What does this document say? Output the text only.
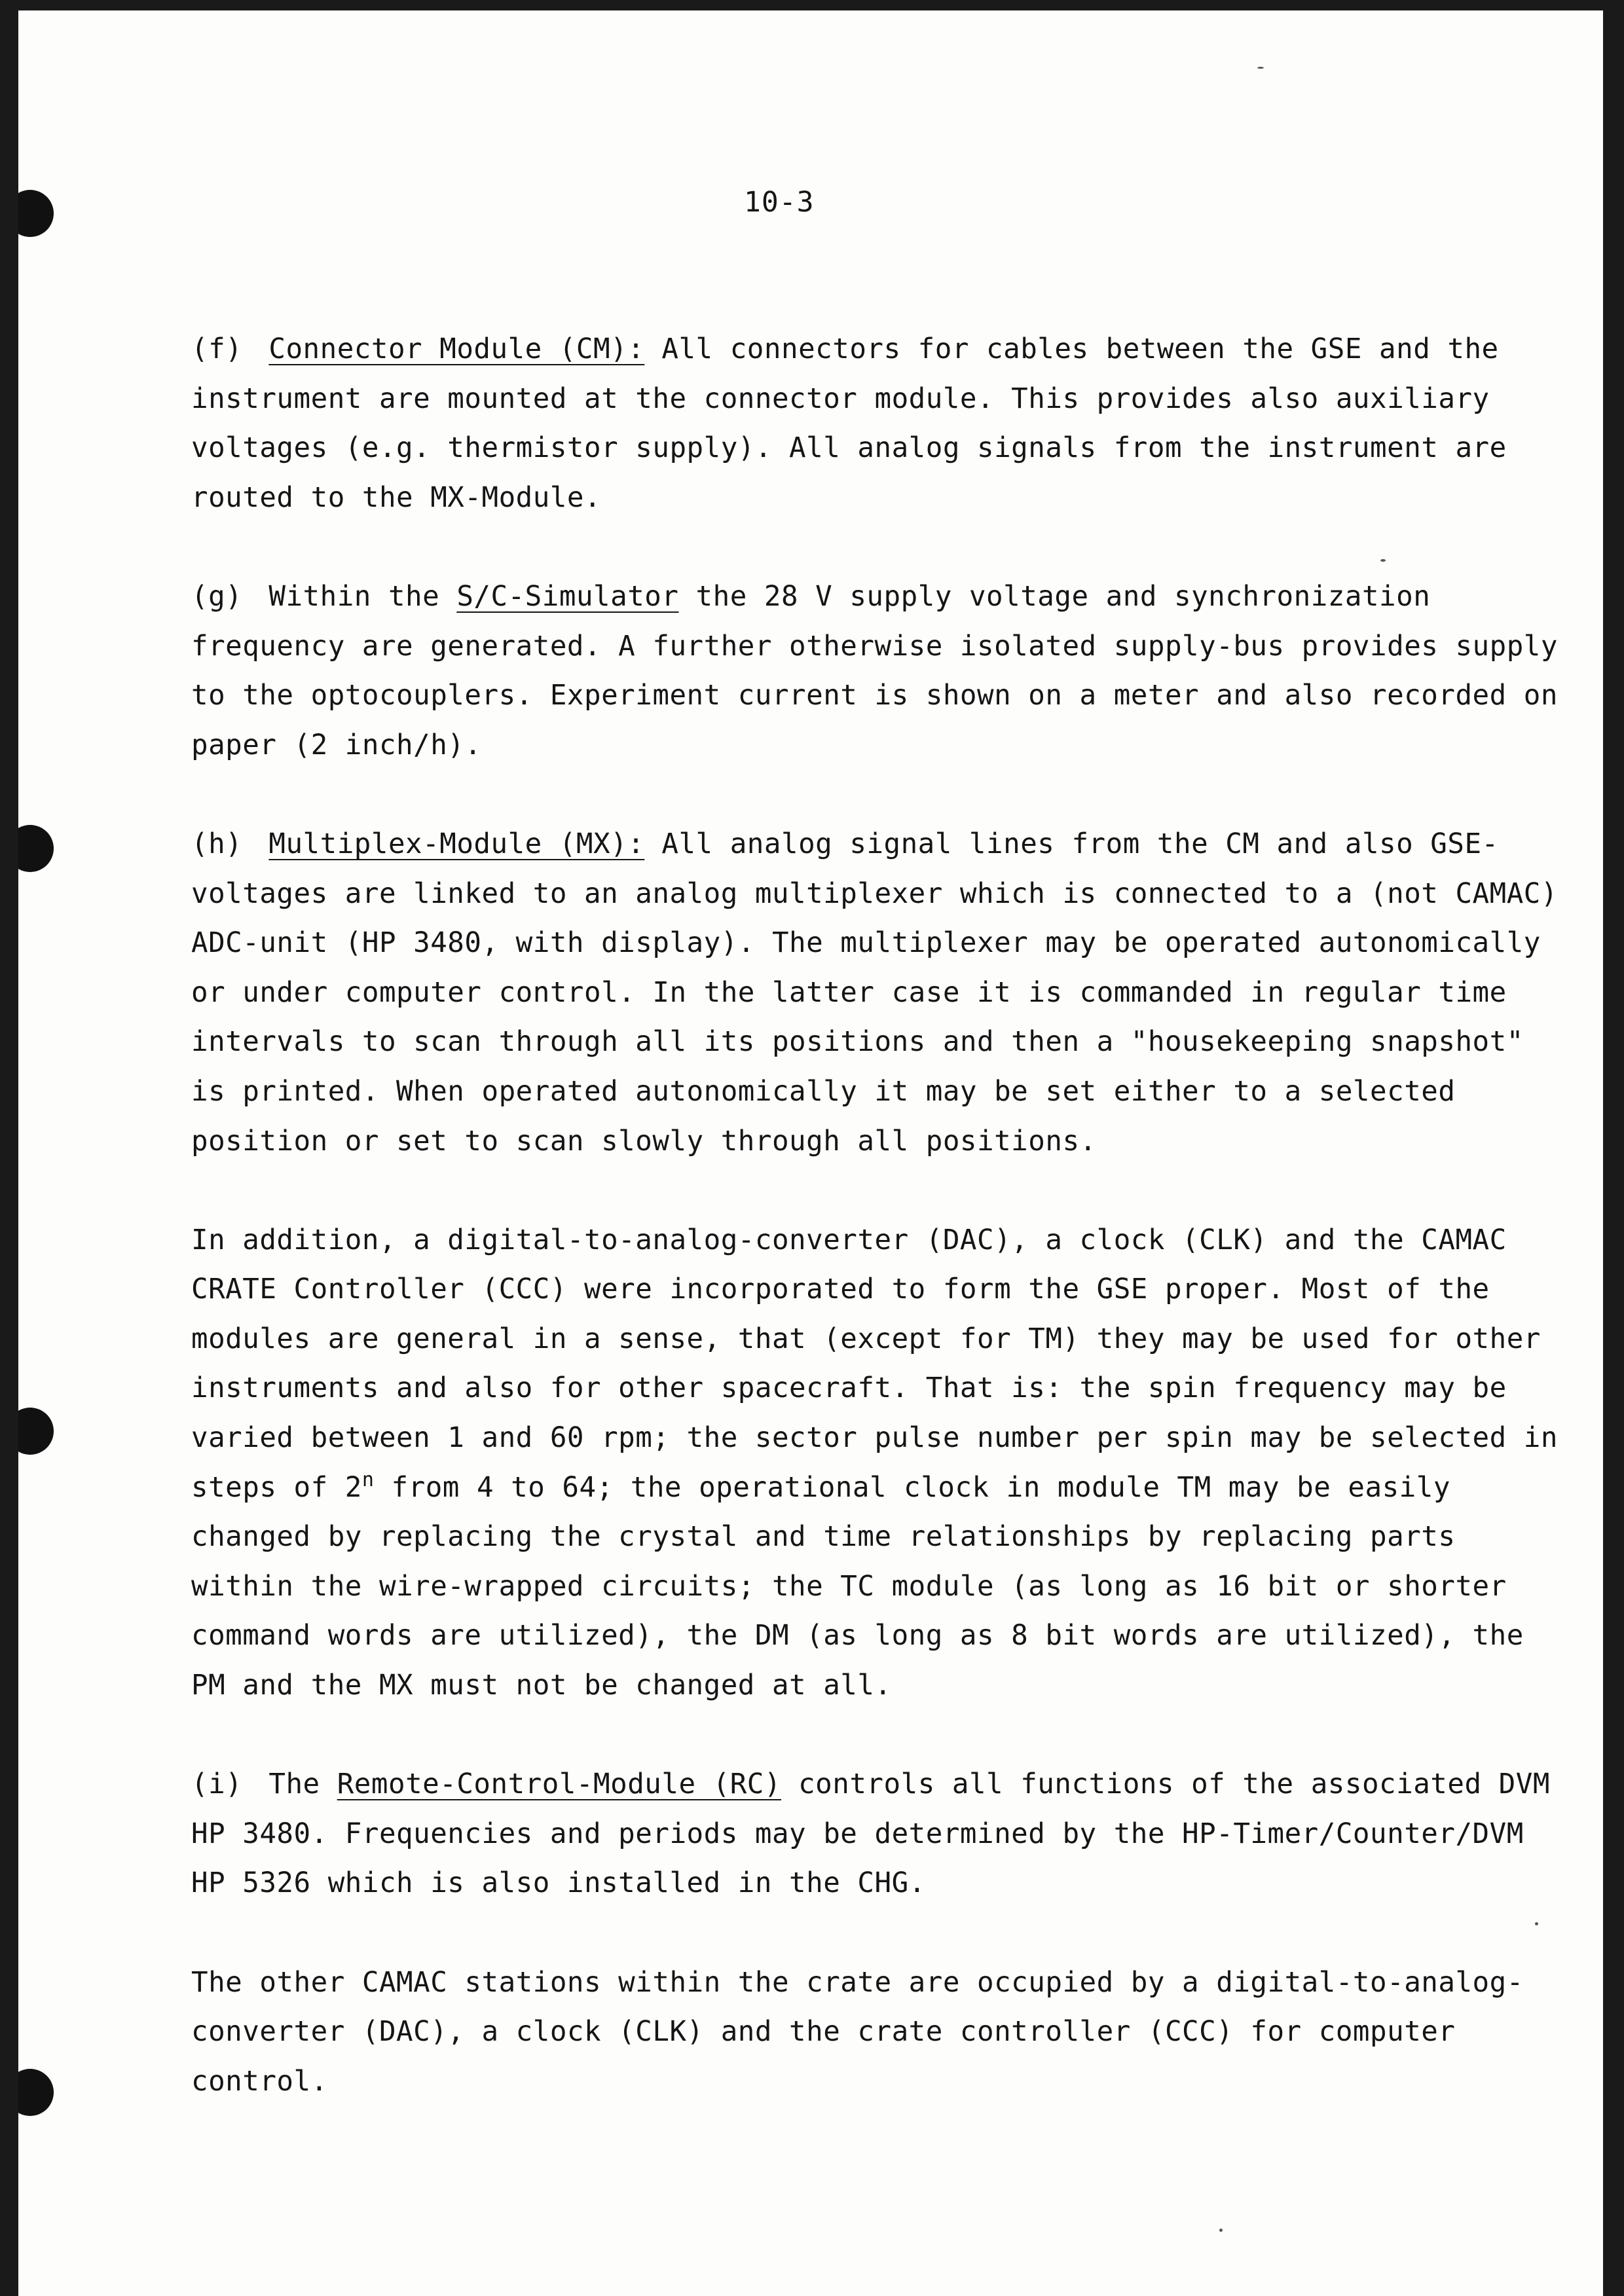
10-3

(f) Connector Module (CM): All connectors for cables between the GSE and the
instrument are mounted at the connector module. This provides also auxiliary
voltages (e.g. thermistor supply). All analog signals from the instrument are
routed to the MX-Module.

(g) Within the S/C-Simulator the 28 V supply voltage and synchronization
frequency are generated. A further otherwise isolated supply-bus provides supply
to the optocouplers. Experiment current is shown on a meter and also recorded on
paper (2 inch/h).

(h) Multiplex-Module (MX): All analog signal lines from the CM and also GSE-
voltages are linked to an analog multiplexer which is connected to a (not CAMAC)
ADC-unit (HP 3480, with display). The multiplexer may be operated autonomically
or under computer control. In the latter case it is commanded in regular time
intervals to scan through all its positions and then a "housekeeping snapshot"
is printed. When operated autonomically it may be set either to a selected
position or set to scan slowly through all positions.

In addition, a digital-to-analog-converter (DAC), a clock (CLK) and the CAMAC
CRATE Controller (CCC) were incorporated to form the GSE proper. Most of the
modules are general in a sense, that (except for TM) they may be used for other
instruments and also for other spacecraft. That is: the spin frequency may be
varied between 1 and 60 rpm; the sector pulse number per spin may be selected in
steps of 2$^n$ from 4 to 64; the operational clock in module TM may be easily
changed by replacing the crystal and time relationships by replacing parts
within the wire-wrapped circuits; the TC module (as long as 16 bit or shorter
command words are utilized), the DM (as long as 8 bit words are utilized), the
PM and the MX must not be changed at all.

(i) The Remote-Control-Module (RC) controls all functions of the associated DVM
HP 3480. Frequencies and periods may be determined by the HP-Timer/Counter/DVM
HP 5326 which is also installed in the CHG.

The other CAMAC stations within the crate are occupied by a digital-to-analog-
converter (DAC), a clock (CLK) and the crate controller (CCC) for computer
control.
